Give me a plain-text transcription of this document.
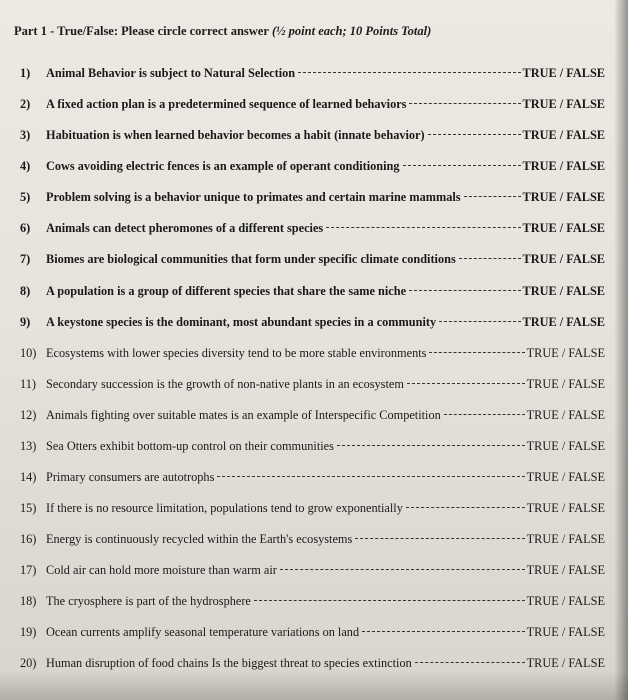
Part 1 - True/False: Please circle correct answer (½ point each; 10 Points Total)
1)	Animal Behavior is subject to Natural Selection	TRUE / FALSE
2)	A fixed action plan is a predetermined sequence of learned behaviors	TRUE / FALSE
3)	Habituation is when learned behavior becomes a habit (innate behavior)	TRUE / FALSE
4)	Cows avoiding electric fences is an example of operant conditioning	TRUE / FALSE
5)	Problem solving is a behavior unique to primates and certain marine mammals	TRUE / FALSE
6)	Animals can detect pheromones of a different species	TRUE / FALSE
7)	Biomes are biological communities that form under specific climate conditions	TRUE / FALSE
8)	A population is a group of different species that share the same niche	TRUE / FALSE
9)	A keystone species is the dominant, most abundant species in a community	TRUE / FALSE
10) Ecosystems with lower species diversity tend to be more stable environments	TRUE / FALSE
11) Secondary succession is the growth of non-native plants in an ecosystem	TRUE / FALSE
12) Animals fighting over suitable mates is an example of Interspecific Competition	TRUE / FALSE
13) Sea Otters exhibit bottom-up control on their communities	TRUE / FALSE
14) Primary consumers are autotrophs	TRUE / FALSE
15) If there is no resource limitation, populations tend to grow exponentially	TRUE / FALSE
16) Energy is continuously recycled within the Earth's ecosystems	TRUE / FALSE
17) Cold air can hold more moisture than warm air	TRUE / FALSE
18) The cryosphere is part of the hydrosphere	TRUE / FALSE
19) Ocean currents amplify seasonal temperature variations on land	TRUE / FALSE
20) Human disruption of food chains Is the biggest threat to species extinction	TRUE / FALSE
